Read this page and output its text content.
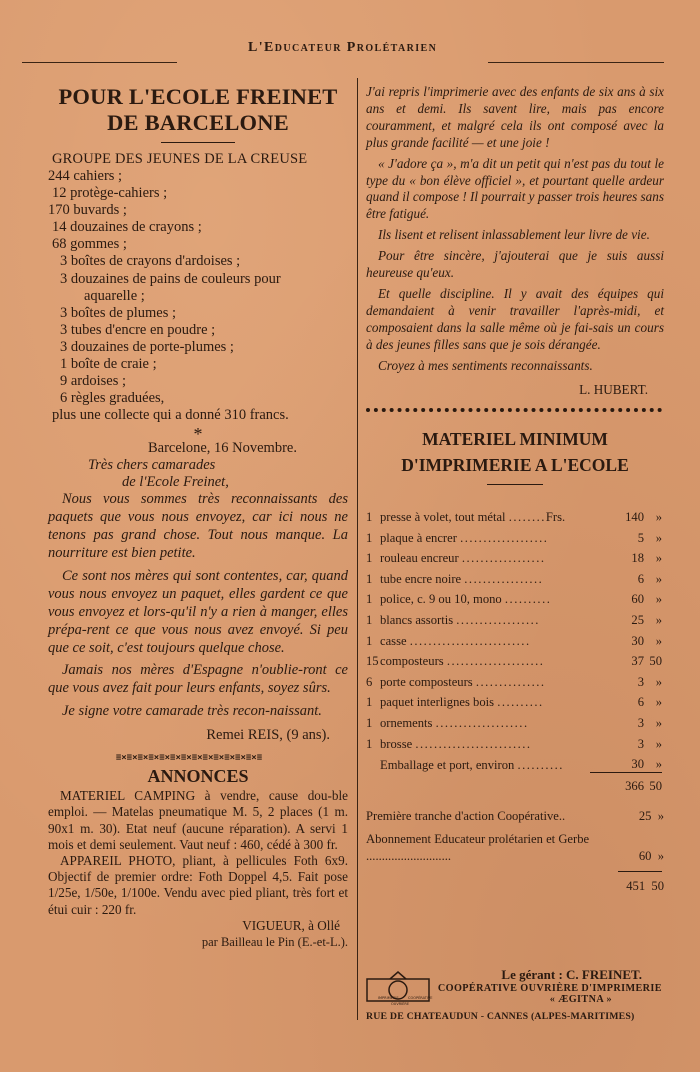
L'Educateur Prolétarien
POUR L'ECOLE FREINET
DE BARCELONE
GROUPE DES JEUNES DE LA CREUSE
244 cahiers ;
12 protège-cahiers ;
170 buvards ;
14 douzaines de crayons ;
68 gommes ;
3 boîtes de crayons d'ardoises ;
3 douzaines de pains de couleurs pour
aquarelle ;
3 boîtes de plumes ;
3 tubes d'encre en poudre ;
3 douzaines de porte-plumes ;
1 boîte de craie ;
9 ardoises ;
6 règles graduées,
plus une collecte qui a donné 310 francs.
*
Barcelone, 16 Novembre.
Très chers camarades
de l'Ecole Freinet,

Nous vous sommes très reconnaissants des paquets que vous nous envoyez, car ici nous ne tenons pas grand chose. Tout nous manque. La nourriture est bien petite.

Ce sont nos mères qui sont contentes, car, quand vous nous envoyez un paquet, elles gardent ce que vous envoyez et lors-qu'il n'y a rien à manger, elles prépa-rent ce que vous nous avez envoyé. Si peu que ce soit, c'est toujours quelque chose.

Jamais nos mères d'Espagne n'oublie-ront ce que vous avez fait pour leurs enfants, soyez sûrs.

Je signe votre camarade très recon-naissant.

Remei REIS, (9 ans).
≡×≡×≡×≡×≡×≡×≡×≡×≡×≡×≡×≡×≡×≡
ANNONCES

MATERIEL CAMPING à vendre, cause dou-ble emploi. — Matelas pneumatique M. 5, 2 places (1 m. 90x1 m. 30). Etat neuf (aucune réparation). A servi 1 mois et demi seulement. Vaut neuf : 460, cédé à 300 fr.

APPAREIL PHOTO, pliant, à pellicules Foth 6x9. Objectif de premier ordre: Foth Doppel 4,5. Fait pose 1/25e, 1/50e, 1/100e. Vendu avec pied pliant, très fort et étui cuir : 220 fr.

VIGUEUR, à Ollé

par Bailleau le Pin (E.-et-L.).

J'ai repris l'imprimerie avec des enfants de six ans à six ans et demi. Ils savent lire, mais pas encore couramment, et malgré cela ils ont composé avec la plus grande facilité — et une joie !

« J'adore ça », m'a dit un petit qui n'est pas du tout le type du « bon élève officiel », et pourtant quelle ardeur quand il compose ! Il pourrait y passer trois heures sans être fatigué.

Ils lisent et relisent inlassablement leur livre de vie.

Pour être sincère, j'ajouterai que je suis aussi heureuse qu'eux.

Et quelle discipline. Il y avait des équipes qui demandaient à venir travailler l'après-midi, et composaient dans la salle même où je fai-sais un cours à des jeunes filles sans que je sois dérangée.

Croyez à mes sentiments reconnaissants.

L. HUBERT.
MATERIEL MINIMUM
D'IMPRIMERIE A L'ECOLE
1	presse à volet, tout métal ........Frs.	140	»
1	plaque à encrer ...................	5	»
1	rouleau encreur ..................	18	»
1	tube encre noire .................	6	»
1	police, c. 9 ou 10, mono ..........	60	»
1	blancs assortis ..................	25	»
1	casse ..........................	30	»
15	composteurs .....................	37	50
6	porte composteurs ...............	3	»
1	paquet interlignes bois ..........	6	»
1	ornements ....................	3	»
1	brosse .........................	3	»
	Emballage et port, environ ..........	30	»
		366	50
Première tranche d'action Coopérative..	25 »
Abonnement Educateur prolétarien et Gerbe ...........................	60 »
451 50
IMPRIMERIE	COOPÉRATIVE
OUVRIÈRE
Le gérant : C. FREINET.
COOPÉRATIVE OUVRIÈRE D'IMPRIMERIE
« ÆGITNA »
RUE DE CHATEAUDUN - CANNES (ALPES-MARITIMES)
